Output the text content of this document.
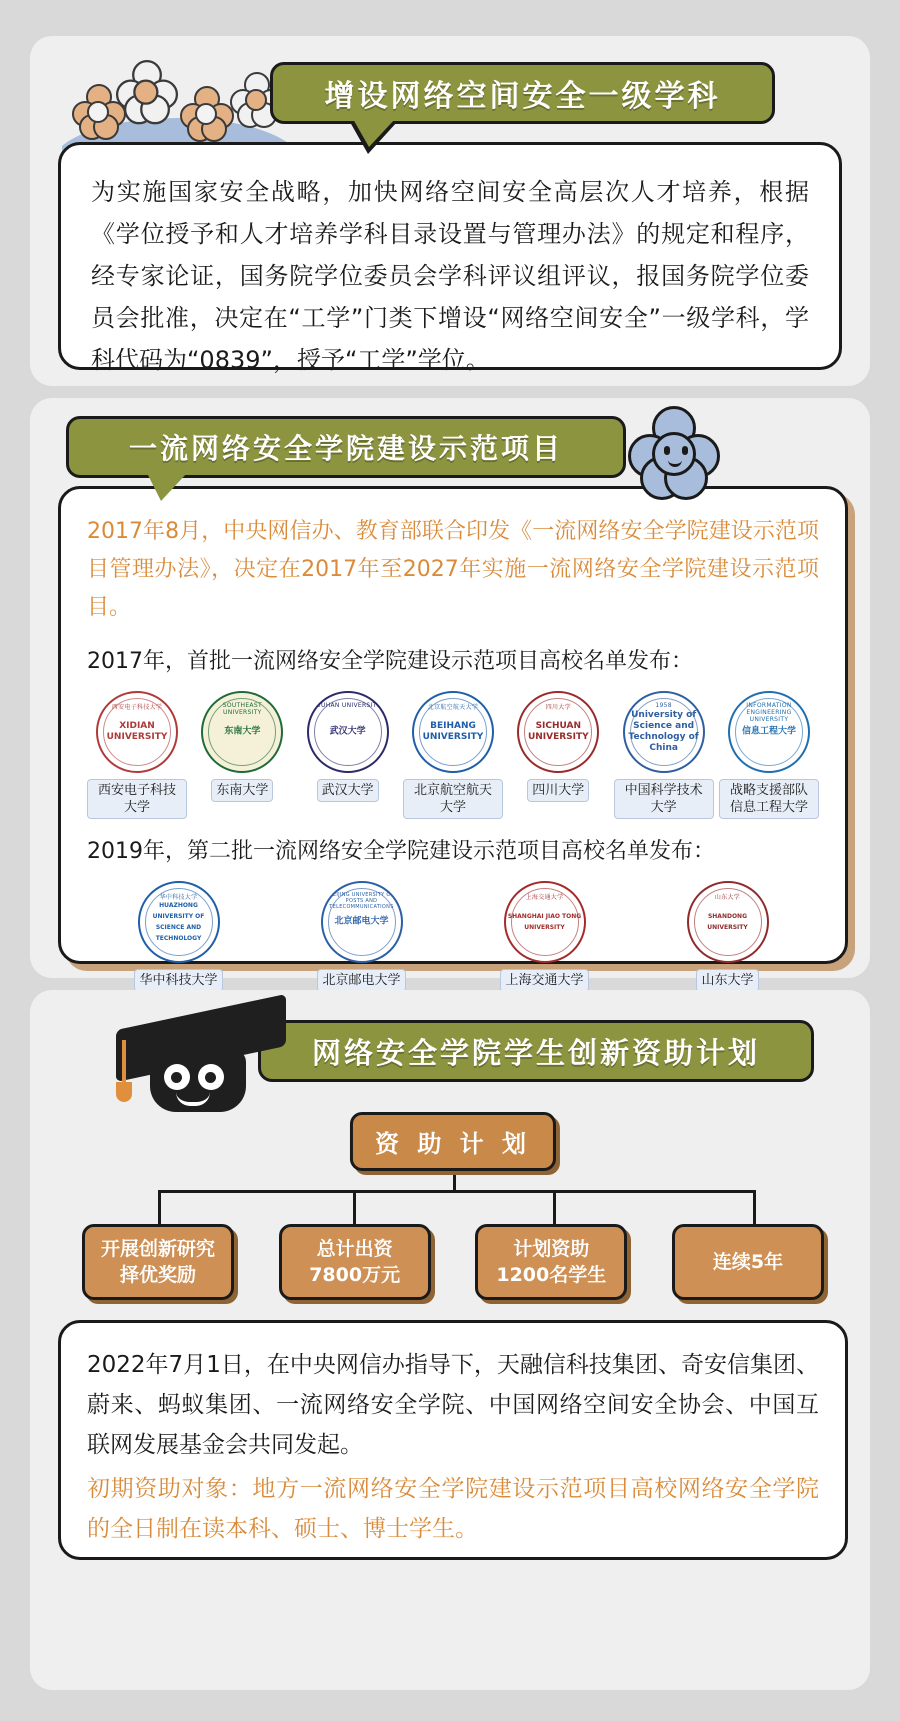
增设网络空间安全一级学科
为实施国家安全战略，加快网络空间安全高层次人才培养，根据《学位授予和人才培养学科目录设置与管理办法》的规定和程序，经专家论证，国务院学位委员会学科评议组评议，报国务院学位委员会批准，决定在“工学”门类下增设“网络空间安全”一级学科，学科代码为“0839”，授予“工学”学位。
一流网络安全学院建设示范项目
2017年8月，中央网信办、教育部联合印发《一流网络安全学院建设示范项目管理办法》，决定在2017年至2027年实施一流网络安全学院建设示范项目。
2017年，首批一流网络安全学院建设示范项目高校名单发布：
西安电子科技大学
XIDIAN UNIVERSITY
西安电子科技大学
SOUTHEAST UNIVERSITY
东南大学
东南大学
WUHAN UNIVERSITY
武汉大学
武汉大学
北京航空航天大学
BEIHANG UNIVERSITY
北京航空航天大学
四川大学
SICHUAN UNIVERSITY
四川大学
1958
University of Science and Technology of China
中国科学技术大学
INFORMATION ENGINEERING UNIVERSITY
信息工程大学
战略支援部队信息工程大学
2019年，第二批一流网络安全学院建设示范项目高校名单发布：
华中科技大学
HUAZHONG UNIVERSITY OF SCIENCE AND TECHNOLOGY
华中科技大学
BEIJING UNIVERSITY OF POSTS AND TELECOMMUNICATIONS
北京邮电大学
北京邮电大学
上海交通大学
SHANGHAI JIAO TONG UNIVERSITY
上海交通大学
山东大学
SHANDONG UNIVERSITY
山东大学
网络安全学院学生创新资助计划
资 助 计 划
开展创新研究
择优奖励
总计出资
7800万元
计划资助
1200名学生
连续5年
2022年7月1日，在中央网信办指导下，天融信科技集团、奇安信集团、蔚来、蚂蚁集团、一流网络安全学院、中国网络空间安全协会、中国互联网发展基金会共同发起。
初期资助对象：地方一流网络安全学院建设示范项目高校网络安全学院的全日制在读本科、硕士、博士学生。
